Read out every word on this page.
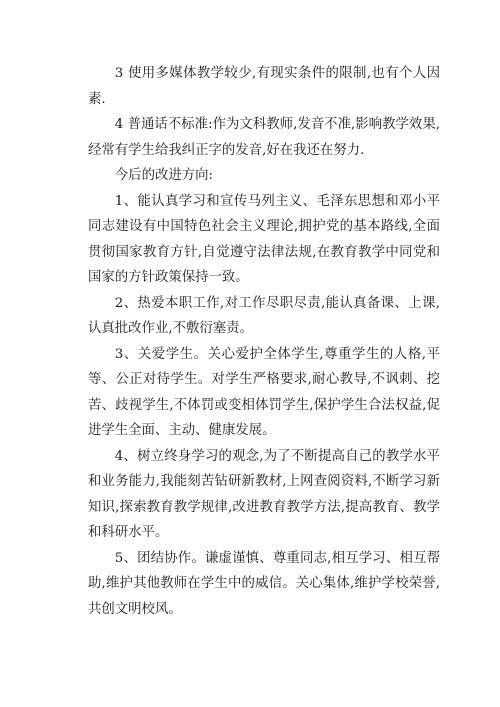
3 使用多媒体教学较少,有现实条件的限制,也有个人因素.

4 普通话不标准:作为文科教师,发音不准,影响教学效果,经常有学生给我纠正字的发音,好在我还在努力.

今后的改进方向:

1、能认真学习和宣传马列主义、毛泽东思想和邓小平同志建设有中国特色社会主义理论,拥护党的基本路线,全面贯彻国家教育方针,自觉遵守法律法规,在教育教学中同党和国家的方针政策保持一致。

2、热爱本职工作,对工作尽职尽责,能认真备课、上课,认真批改作业,不敷衍塞责。

3、关爱学生。关心爱护全体学生,尊重学生的人格,平等、公正对待学生。对学生严格要求,耐心教导,不讽刺、挖苦、歧视学生,不体罚或变相体罚学生,保护学生合法权益,促进学生全面、主动、健康发展。

4、树立终身学习的观念,为了不断提高自己的教学水平和业务能力,我能刻苦钻研新教材,上网查阅资料,不断学习新知识,探索教育教学规律,改进教育教学方法,提高教育、教学和科研水平。

5、团结协作。谦虚谨慎、尊重同志,相互学习、相互帮助,维护其他教师在学生中的威信。关心集体,维护学校荣誉,共创文明校风。
